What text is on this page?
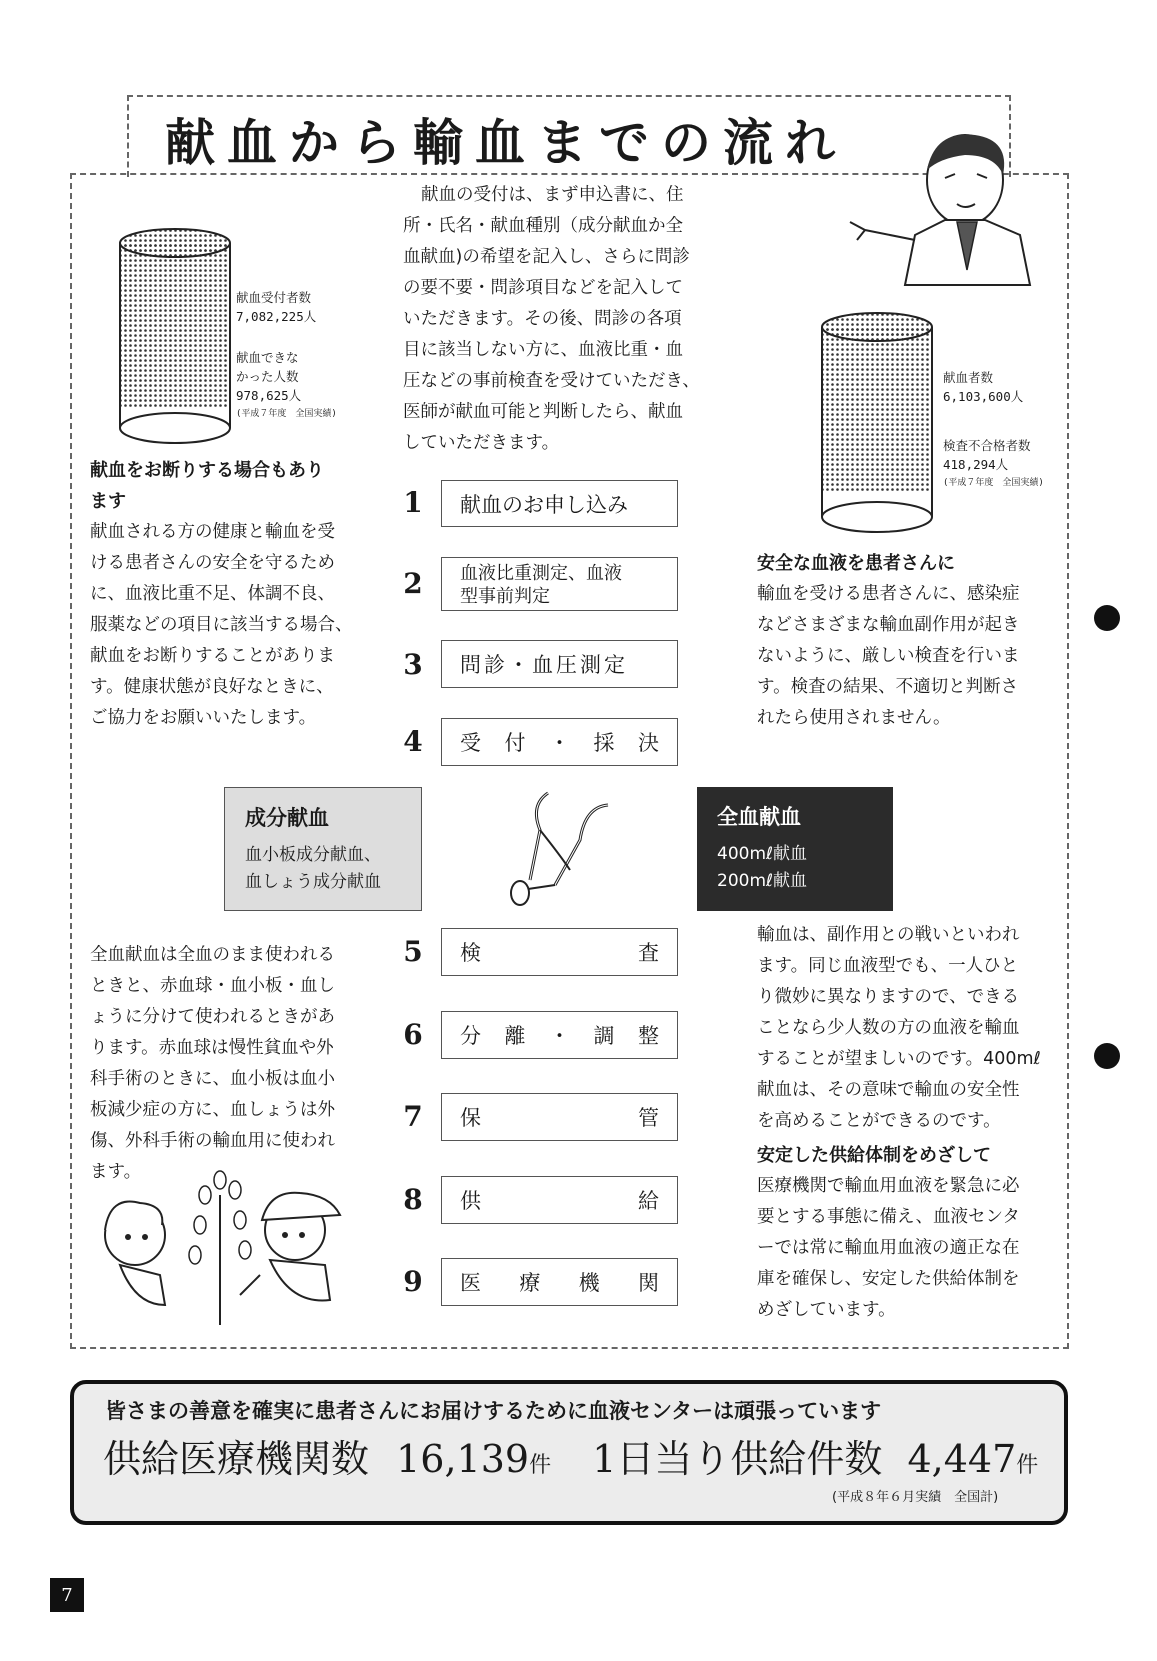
献血から輸血までの流れ
献血受付者数
7,082,225人
献血できな
かった人数
978,625人
(平成７年度　全国実績)
献血の受付は、まず申込書に、住
所・氏名・献血種別（成分献血か全
血献血)の希望を記入し、さらに問診
の要不要・問診項目などを記入して
いただきます。その後、問診の各項
目に該当しない方に、血液比重・血
圧などの事前検査を受けていただき、
医師が献血可能と判断したら、献血
していただきます。
献血者数
6,103,600人
検査不合格者数
418,294人
(平成７年度　全国実績)
献血をお断りする場合もあり
ます
献血される方の健康と輸血を受
ける患者さんの安全を守るため
に、血液比重不足、体調不良、
服薬などの項目に該当する場合、
献血をお断りすることがありま
す。健康状態が良好なときに、
ご協力をお願いいたします。
安全な血液を患者さんに
輸血を受ける患者さんに、感染症
などさまざまな輸血副作用が起き
ないように、厳しい検査を行いま
す。検査の結果、不適切と判断さ
れたら使用されません。
1 献血のお申し込み
2 血液比重測定、血液
型事前判定
3 問診・血圧測定
4 受 付 ・ 採 決
成分献血
血小板成分献血、
血しょう成分献血
全血献血
400mℓ献血
200mℓ献血
全血献血は全血のまま使われる
ときと、赤血球・血小板・血し
ょうに分けて使われるときがあ
ります。赤血球は慢性貧血や外
科手術のときに、血小板は血小
板減少症の方に、血しょうは外
傷、外科手術の輸血用に使われ
ます。
輸血は、副作用との戦いといわれ
ます。同じ血液型でも、一人ひと
り微妙に異なりますので、できる
ことなら少人数の方の血液を輸血
することが望ましいのです。400mℓ
献血は、その意味で輸血の安全性
を高めることができるのです。
安定した供給体制をめざして
医療機関で輸血用血液を緊急に必
要とする事態に備え、血液センタ
ーでは常に輸血用血液の適正な在
庫を確保し、安定した供給体制を
めざしています。
5 検	査
6 分 離 ・ 調 整
7 保	管
8 供	給
9 医 療 機 関
皆さまの善意を確実に患者さんにお届けするために血液センターは頑張っています
供給医療機関数 16,139件 1日当り供給件数 4,447件
(平成８年６月実績　全国計)
7
